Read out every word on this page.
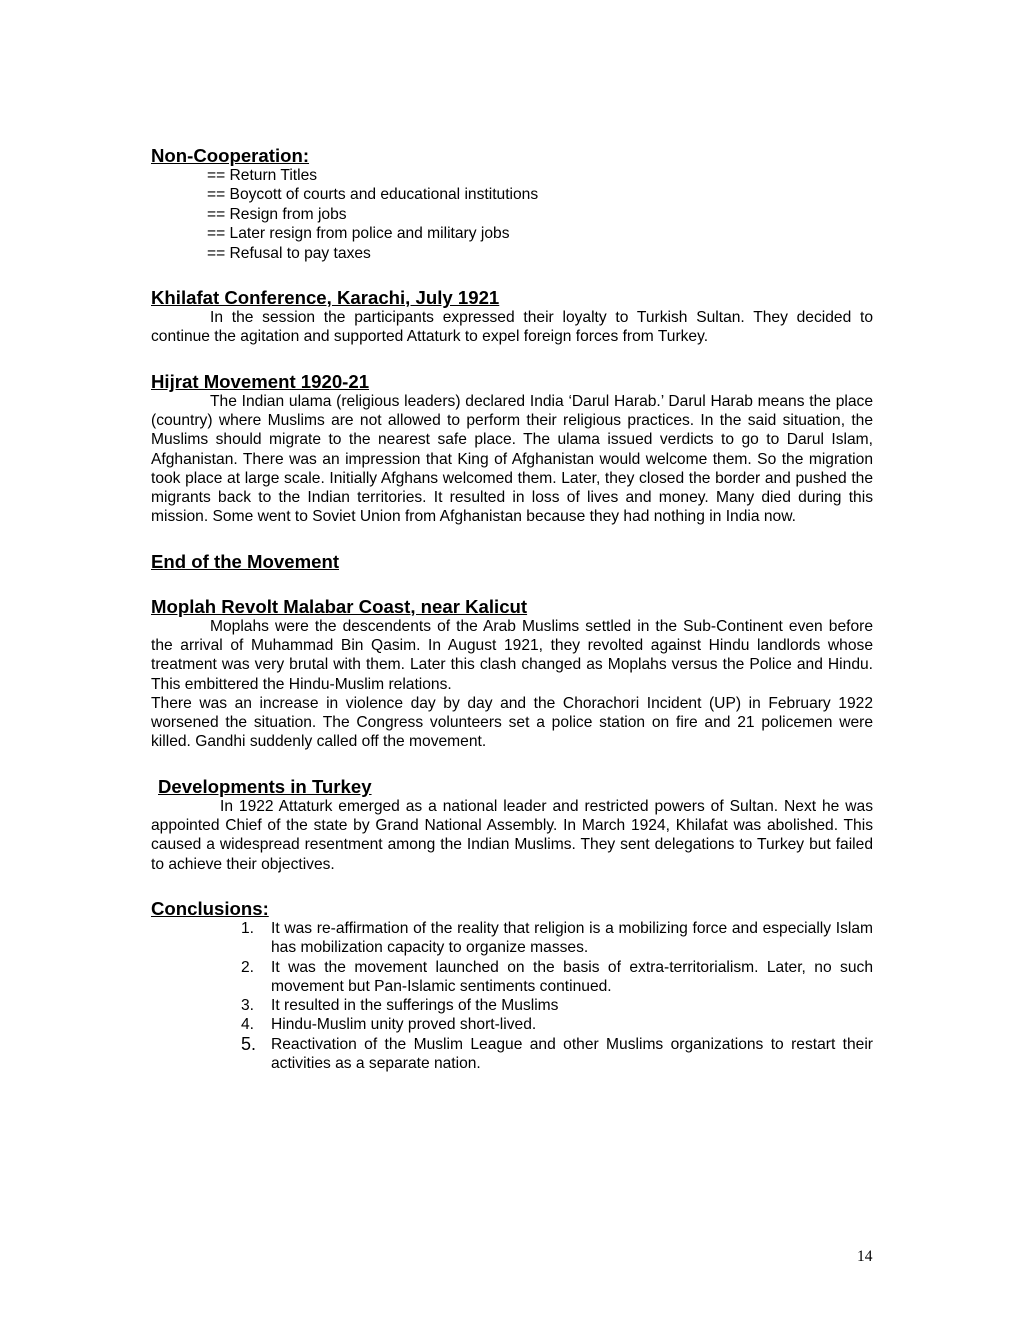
Non-Cooperation:
== Return Titles
== Boycott of courts and educational institutions
== Resign from jobs
== Later resign from police and military jobs
== Refusal to pay taxes
Khilafat Conference, Karachi, July 1921

In the session the participants expressed their loyalty to Turkish Sultan. They decided to continue the agitation and supported Attaturk to expel foreign forces from Turkey.

Hijrat Movement 1920-21

The Indian ulama (religious leaders) declared India ‘Darul Harab.’ Darul Harab means the place (country) where Muslims are not allowed to perform their religious practices. In the said situation, the Muslims should migrate to the nearest safe place. The ulama issued verdicts to go to Darul Islam, Afghanistan. There was an impression that King of Afghanistan would welcome them. So the migration took place at large scale. Initially Afghans welcomed them. Later, they closed the border and pushed the migrants back to the Indian territories. It resulted in loss of lives and money. Many died during this mission. Some went to Soviet Union from Afghanistan because they had nothing in India now.

End of the Movement
Moplah Revolt Malabar Coast, near Kalicut

Moplahs were the descendents of the Arab Muslims settled in the Sub-Continent even before the arrival of Muhammad Bin Qasim. In August 1921, they revolted against Hindu landlords whose treatment was very brutal with them. Later this clash changed as Moplahs versus the Police and Hindu. This embittered the Hindu-Muslim relations.

There was an increase in violence day by day and the Chorachori Incident (UP) in February 1922 worsened the situation. The Congress volunteers set a police station on fire and 21 policemen were killed. Gandhi suddenly called off the movement.

Developments in Turkey

In 1922 Attaturk emerged as a national leader and restricted powers of Sultan. Next he was appointed Chief of the state by Grand National Assembly. In March 1924, Khilafat was abolished. This caused a widespread resentment among the Indian Muslims. They sent delegations to Turkey but failed to achieve their objectives.

Conclusions:
1. It was re-affirmation of the reality that religion is a mobilizing force and especially Islam has mobilization capacity to organize masses.
2. It was the movement launched on the basis of extra-territorialism. Later, no such movement but Pan-Islamic sentiments continued.
3. It resulted in the sufferings of the Muslims
4. Hindu-Muslim unity proved short-lived.
5. Reactivation of the Muslim League and other Muslims organizations to restart their activities as a separate nation.
14
